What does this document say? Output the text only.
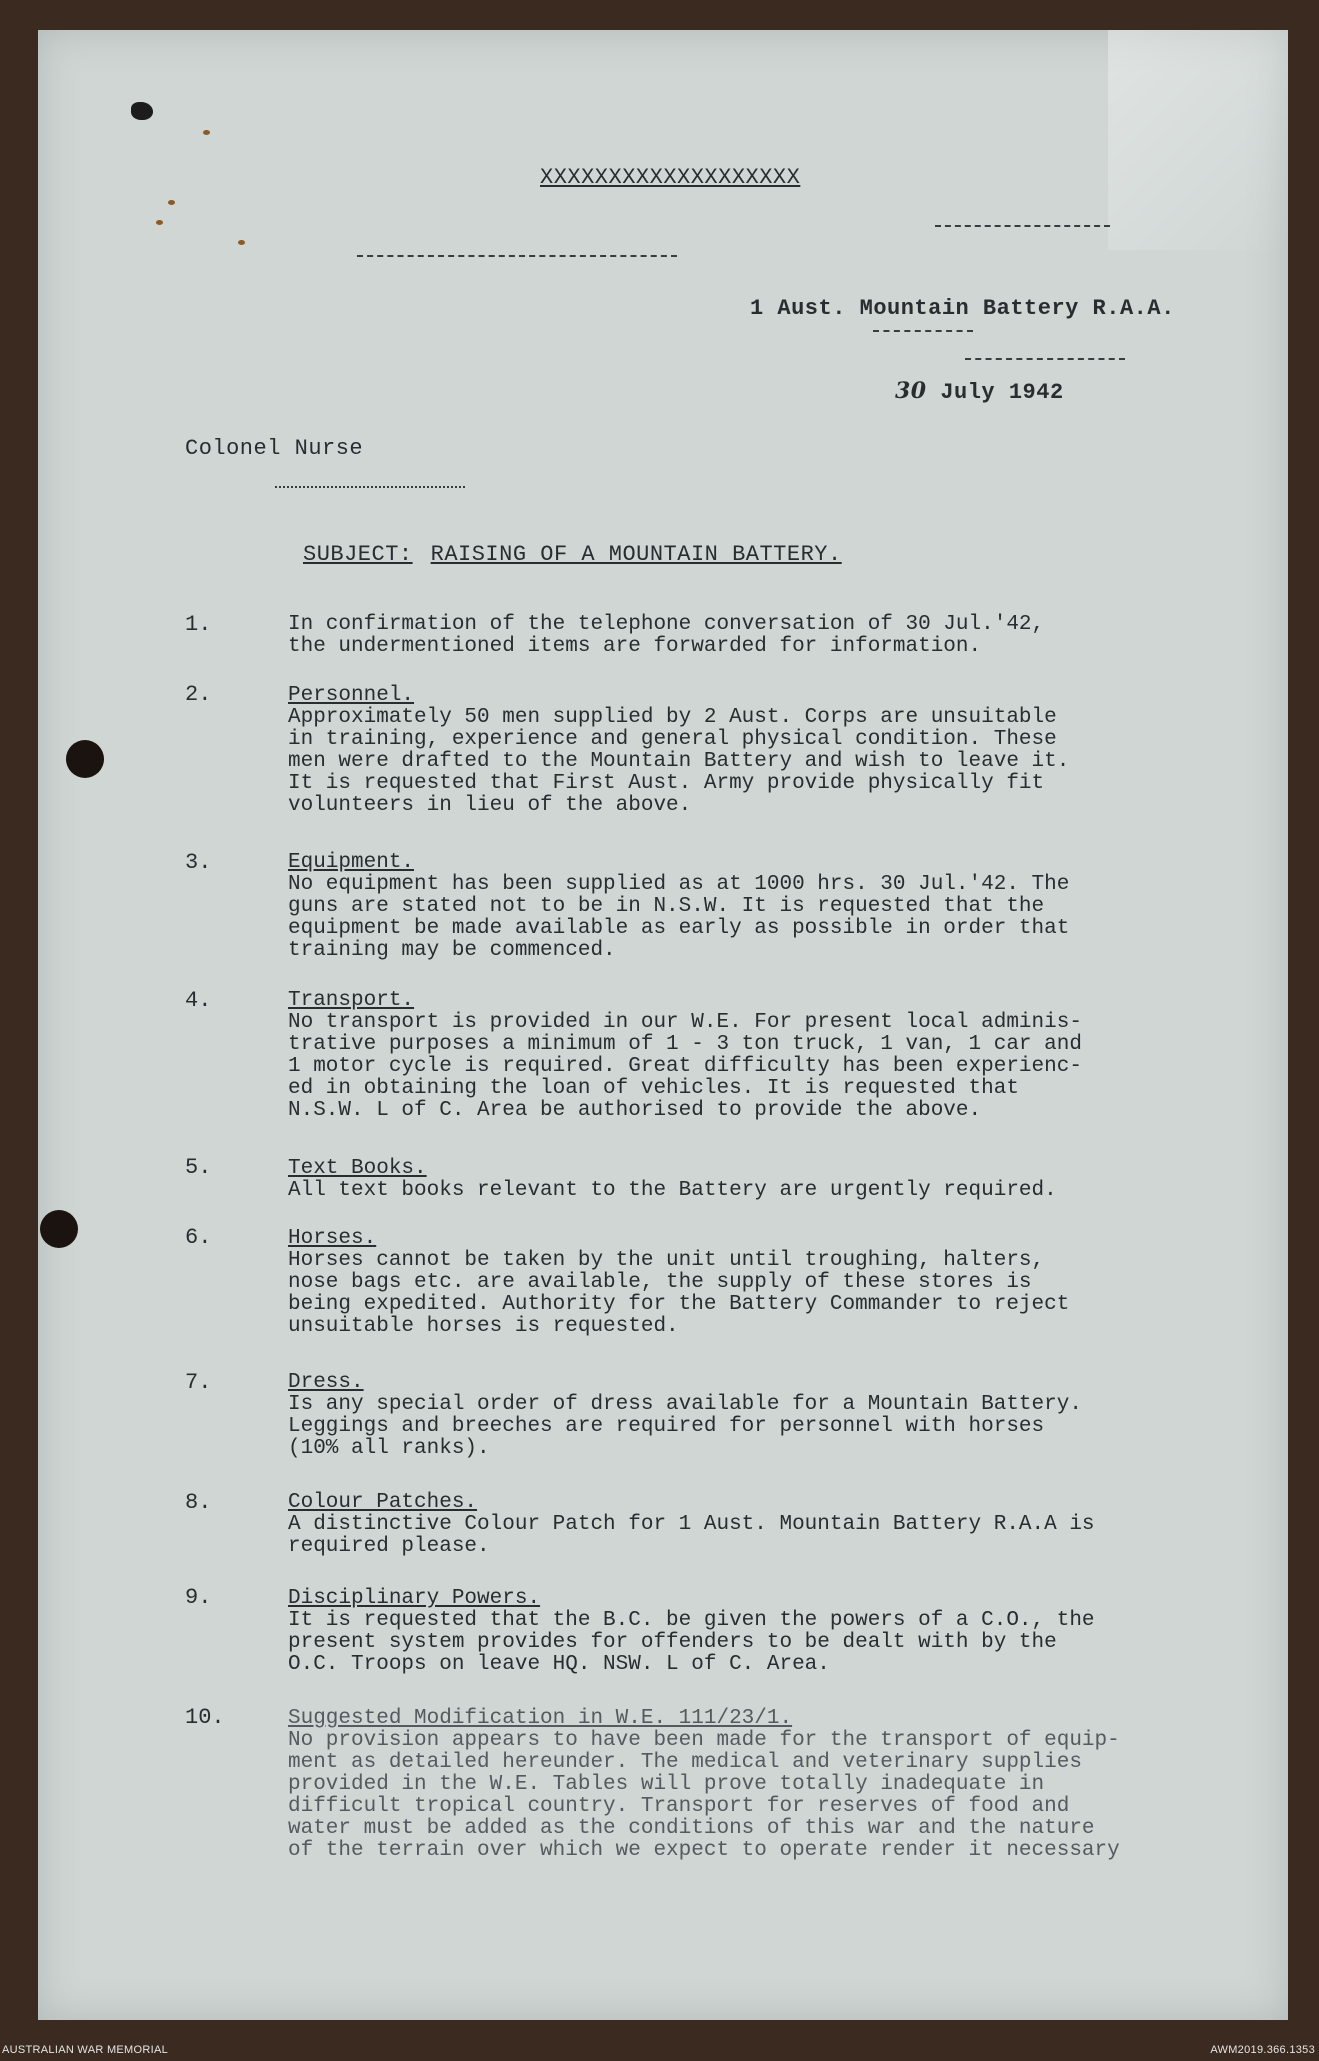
XXXXXXXXXXXXXXXXXXX
1 Aust. Mountain Battery R.A.A.
30 July 1942
Colonel Nurse
SUBJECT: RAISING OF A MOUNTAIN BATTERY.
1.	In confirmation of the telephone conversation of 30 Jul.'42,
the undermentioned items are forwarded for information.
2.	Personnel.
Approximately 50 men supplied by 2 Aust. Corps are unsuitable
in training, experience and general physical condition. These
men were drafted to the Mountain Battery and wish to leave it.
It is requested that First Aust. Army provide physically fit
volunteers in lieu of the above.
3.	Equipment.
No equipment has been supplied as at 1000 hrs. 30 Jul.'42. The
guns are stated not to be in N.S.W. It is requested that the
equipment be made available as early as possible in order that
training may be commenced.
4.	Transport.
No transport is provided in our W.E. For present local adminis-
trative purposes a minimum of 1 - 3 ton truck, 1 van, 1 car and
1 motor cycle is required. Great difficulty has been experienc-
ed in obtaining the loan of vehicles. It is requested that
N.S.W. L of C. Area be authorised to provide the above.
5.	Text Books.
All text books relevant to the Battery are urgently required.
6.	Horses.
Horses cannot be taken by the unit until troughing, halters,
nose bags etc. are available, the supply of these stores is
being expedited. Authority for the Battery Commander to reject
unsuitable horses is requested.
7.	Dress.
Is any special order of dress available for a Mountain Battery.
Leggings and breeches are required for personnel with horses
(10% all ranks).
8.	Colour Patches.
A distinctive Colour Patch for 1 Aust. Mountain Battery R.A.A is
required please.
9.	Disciplinary Powers.
It is requested that the B.C. be given the powers of a C.O., the
present system provides for offenders to be dealt with by the
O.C. Troops on leave HQ. NSW. L of C. Area.
10.	Suggested Modification in W.E. 111/23/1.
No provision appears to have been made for the transport of equip-
ment as detailed hereunder. The medical and veterinary supplies
provided in the W.E. Tables will prove totally inadequate in
difficult tropical country. Transport for reserves of food and
water must be added as the conditions of this war and the nature
of the terrain over which we expect to operate render it necessary
AUSTRALIAN WAR MEMORIAL	AWM2019.366.1353
